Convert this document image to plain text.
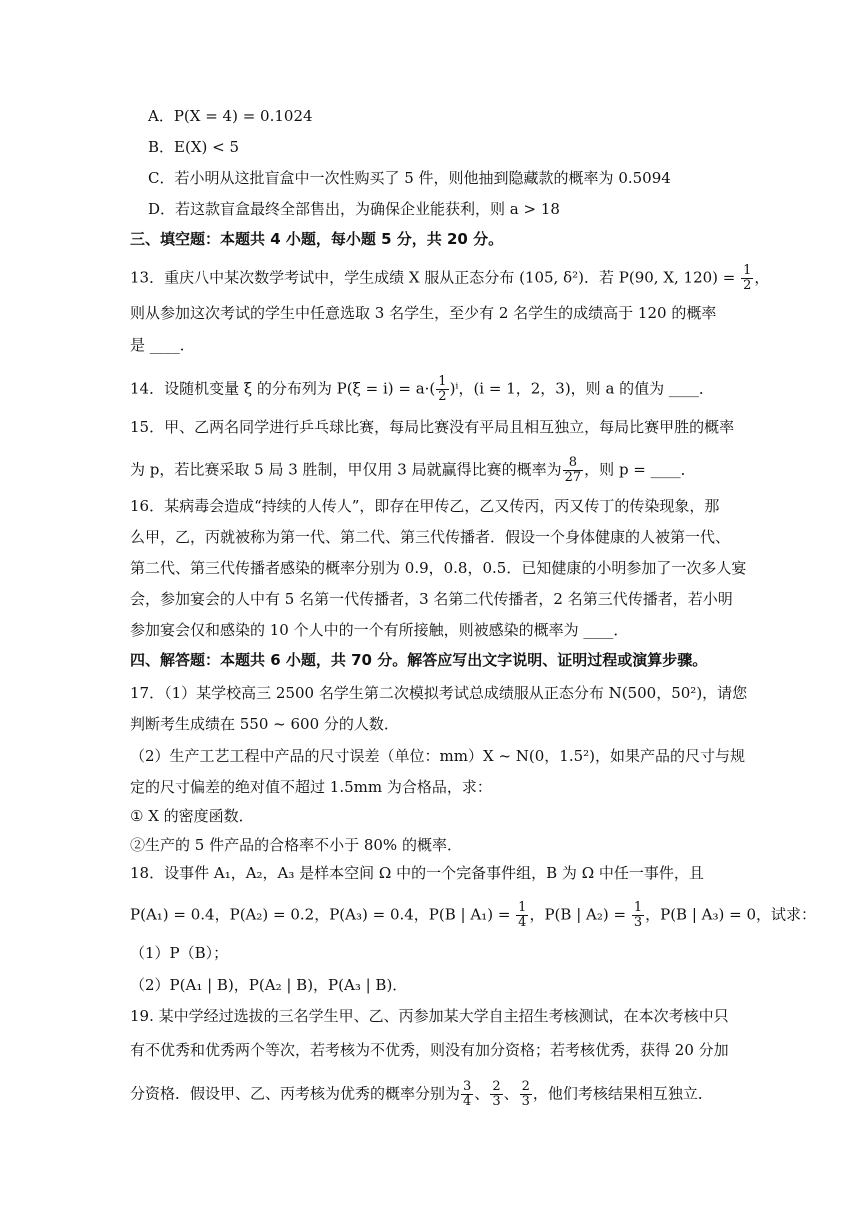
A．P(X = 4) = 0.1024
B．E(X) < 5
C．若小明从这批盲盒中一次性购买了 5 件，则他抽到隐藏款的概率为 0.5094
D．若这款盲盒最终全部售出，为确保企业能获利，则 a > 18
三、填空题：本题共 4 小题，每小题 5 分，共 20 分。
13．重庆八中某次数学考试中，学生成绩 X 服从正态分布 (105, δ²)．若 P(90, X, $120) = \frac{1}{2}$ ，
则从参加这次考试的学生中任意选取 3 名学生，至少有 2 名学生的成绩高于 120 的概率
是 ____．
14．设随机变量 ξ 的分布列为 $P(\xi = i) = a\cdot( \frac{1}{2} )^i$，(i = 1，2，3)，则 a 的值为 ____．
15．甲、乙两名同学进行乒乓球比赛，每局比赛没有平局且相互独立，每局比赛甲胜的概率
为 p，若比赛采取 5 局 3 胜制，甲仅用 3 局就赢得比赛的概率为 $\frac{8}{27}$ ，则 p = ____．
16．某病毒会造成“持续的人传人”，即存在甲传乙，乙又传丙，丙又传丁的传染现象，那
么甲，乙，丙就被称为第一代、第二代、第三代传播者．假设一个身体健康的人被第一代、
第二代、第三代传播者感染的概率分别为 0.9，0.8，0.5．已知健康的小明参加了一次多人宴
会，参加宴会的人中有 5 名第一代传播者，3 名第二代传播者，2 名第三代传播者，若小明
参加宴会仅和感染的 10 个人中的一个有所接触，则被感染的概率为 ____．
四、解答题：本题共 6 小题，共 70 分。解答应写出文字说明、证明过程或演算步骤。
17．（1）某学校高三 2500 名学生第二次模拟考试总成绩服从正态分布 N(500，50²)，请您
判断考生成绩在 550 ~ 600 分的人数．
（2）生产工艺工程中产品的尺寸误差（单位：mm）X ~ N(0，1.5²)，如果产品的尺寸与规
定的尺寸偏差的绝对值不超过 1.5mm 为合格品，求：
① X 的密度函数．
②生产的 5 件产品的合格率不小于 80% 的概率．
18．设事件 A₁，A₂，A₃ 是样本空间 Ω 中的一个完备事件组，B 为 Ω 中任一事件，且
P(A₁) = 0.4，P(A₂) = 0.2，P(A₃) = 0.4，P(B | $A_1) = \frac{1}{4}$ ，P(B | $A_2) = \frac{1}{3}$ ，P(B | A₃) = 0，试求：
（1）P（B）；
（2）P(A₁ | B)，P(A₂ | B)，P(A₃ | B)．
19. 某中学经过选拔的三名学生甲、乙、丙参加某大学自主招生考核测试，在本次考核中只
有不优秀和优秀两个等次，若考核为不优秀，则没有加分资格；若考核优秀，获得 20 分加
分资格．假设甲、乙、丙考核为优秀的概率分别为 $\frac{3}{4}$ 、 $\frac{2}{3}$ 、 $\frac{2}{3}$ ，他们考核结果相互独立．
